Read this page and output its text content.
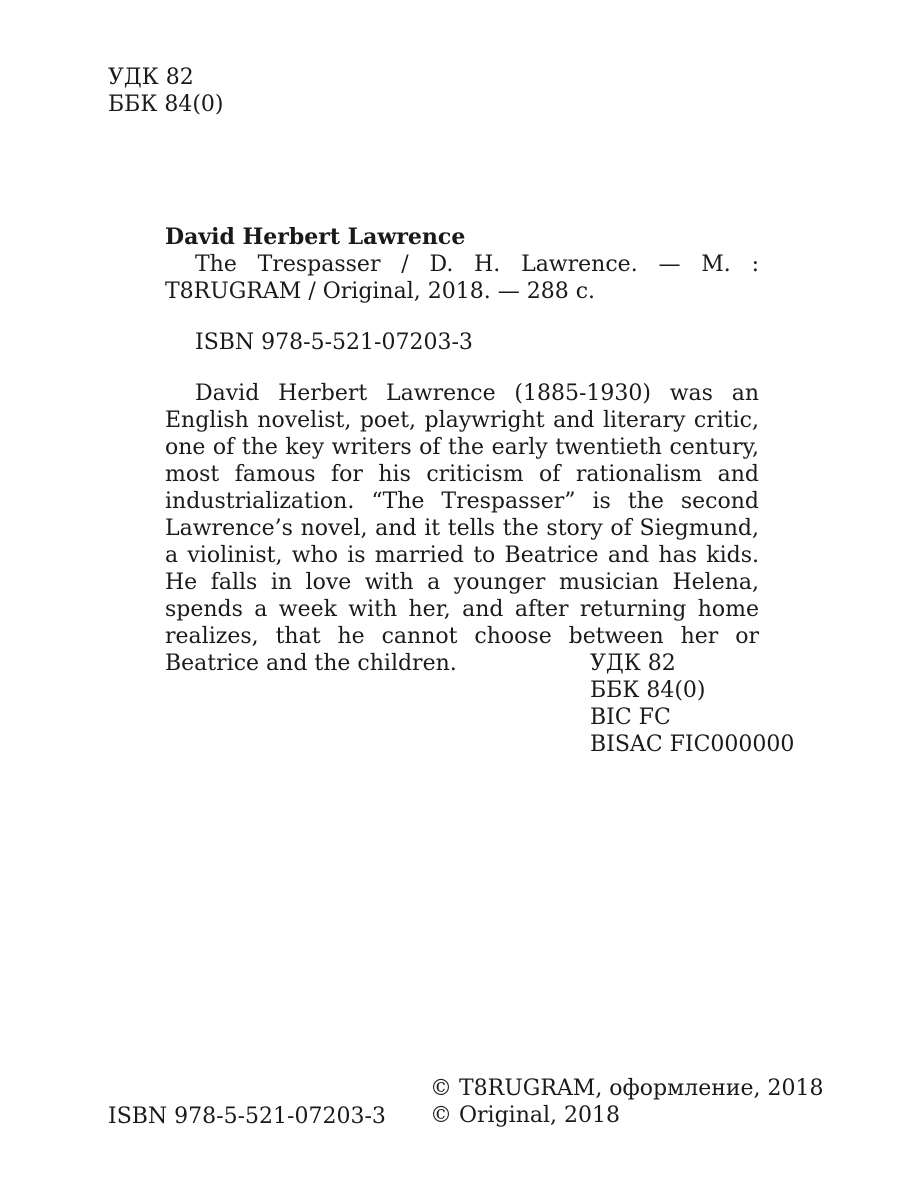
УДК 82
ББК 84(0)
David Herbert Lawrence

The Trespasser / D. H. Lawrence. — M. : T8RUGRAM / Original, 2018. — 288 c.

ISBN 978-5-521-07203-3

David Herbert Lawrence (1885-1930) was an English novelist, poet, playwright and literary critic, one of the key writers of the early twentieth century, most famous for his criticism of rationalism and industrialization. “The Trespasser” is the second Lawrence’s novel, and it tells the story of Siegmund, a violinist, who is married to Beatrice and has kids. He falls in love with a younger musician Helena, spends a week with her, and after returning home realizes, that he cannot choose between her or Beatrice and the children.	УДК 82
ББК 84(0)
BIC FC
BISAC FIC000000
ISBN 978-5-521-07203-3
© T8RUGRAM, оформление, 2018
© Original, 2018
